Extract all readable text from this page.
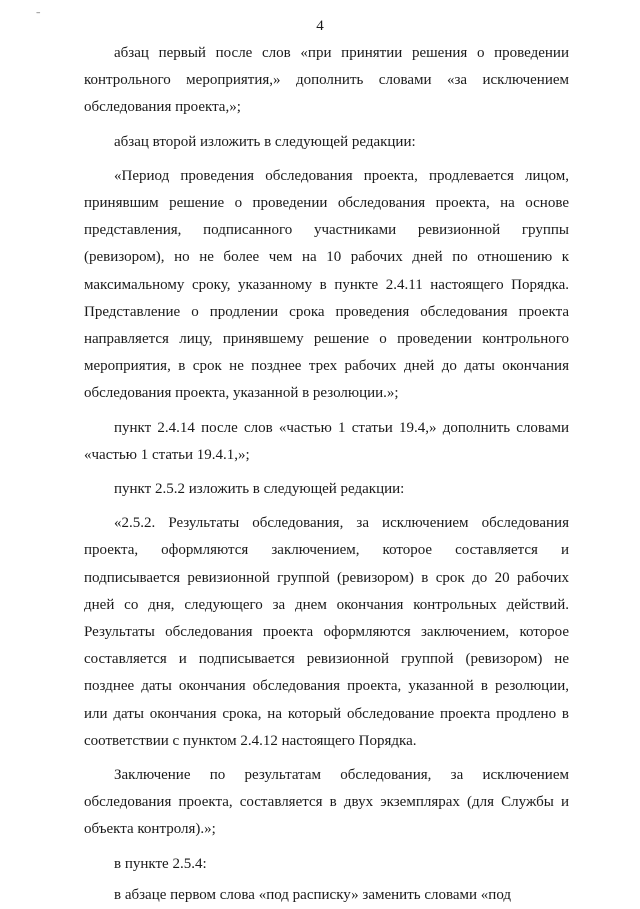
–
4

абзац первый после слов «при принятии решения о проведении контрольного мероприятия,» дополнить словами «за исключением обследования проекта,»;

абзац второй изложить в следующей редакции:

«Период проведения обследования проекта, продлевается лицом, принявшим решение о проведении обследования проекта, на основе представления, подписанного участниками ревизионной группы (ревизором), но не более чем на 10 рабочих дней по отношению к максимальному сроку, указанному в пункте 2.4.11 настоящего Порядка. Представление о продлении срока проведения обследования проекта направляется лицу, принявшему решение о проведении контрольного мероприятия, в срок не позднее трех рабочих дней до даты окончания обследования проекта, указанной в резолюции.»;

пункт 2.4.14 после слов «частью 1 статьи 19.4,» дополнить словами «частью 1 статьи 19.4.1,»;

пункт 2.5.2 изложить в следующей редакции:

«2.5.2. Результаты обследования, за исключением обследования проекта, оформляются заключением, которое составляется и подписывается ревизионной группой (ревизором) в срок до 20 рабочих дней со дня, следующего за днем окончания контрольных действий. Результаты обследования проекта оформляются заключением, которое составляется и подписывается ревизионной группой (ревизором) не позднее даты окончания обследования проекта, указанной в резолюции, или даты окончания срока, на который обследование проекта продлено в соответствии с пунктом 2.4.12 настоящего Порядка.

Заключение по результатам обследования, за исключением обследования проекта, составляется в двух экземплярах (для Службы и объекта контроля).»;

в пункте 2.5.4:

в абзаце первом слова «под расписку» заменить словами «под
